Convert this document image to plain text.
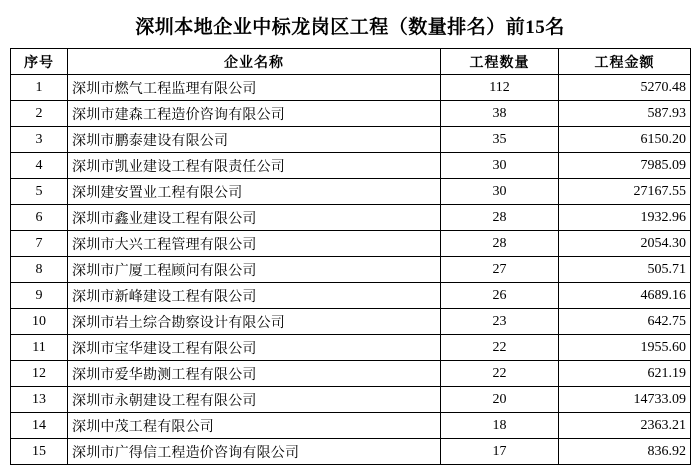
深圳本地企业中标龙岗区工程（数量排名）前15名
序号	企业名称	工程数量	工程金额
1	深圳市燃气工程监理有限公司	112	5270.48
2	深圳市建森工程造价咨询有限公司	38	587.93
3	深圳市鹏泰建设有限公司	35	6150.20
4	深圳市凯业建设工程有限责任公司	30	7985.09
5	深圳建安置业工程有限公司	30	27167.55
6	深圳市鑫业建设工程有限公司	28	1932.96
7	深圳市大兴工程管理有限公司	28	2054.30
8	深圳市广厦工程顾问有限公司	27	505.71
9	深圳市新峰建设工程有限公司	26	4689.16
10	深圳市岩土综合勘察设计有限公司	23	642.75
11	深圳市宝华建设工程有限公司	22	1955.60
12	深圳市爱华勘测工程有限公司	22	621.19
13	深圳市永朝建设工程有限公司	20	14733.09
14	深圳中茂工程有限公司	18	2363.21
15	深圳市广得信工程造价咨询有限公司	17	836.92
